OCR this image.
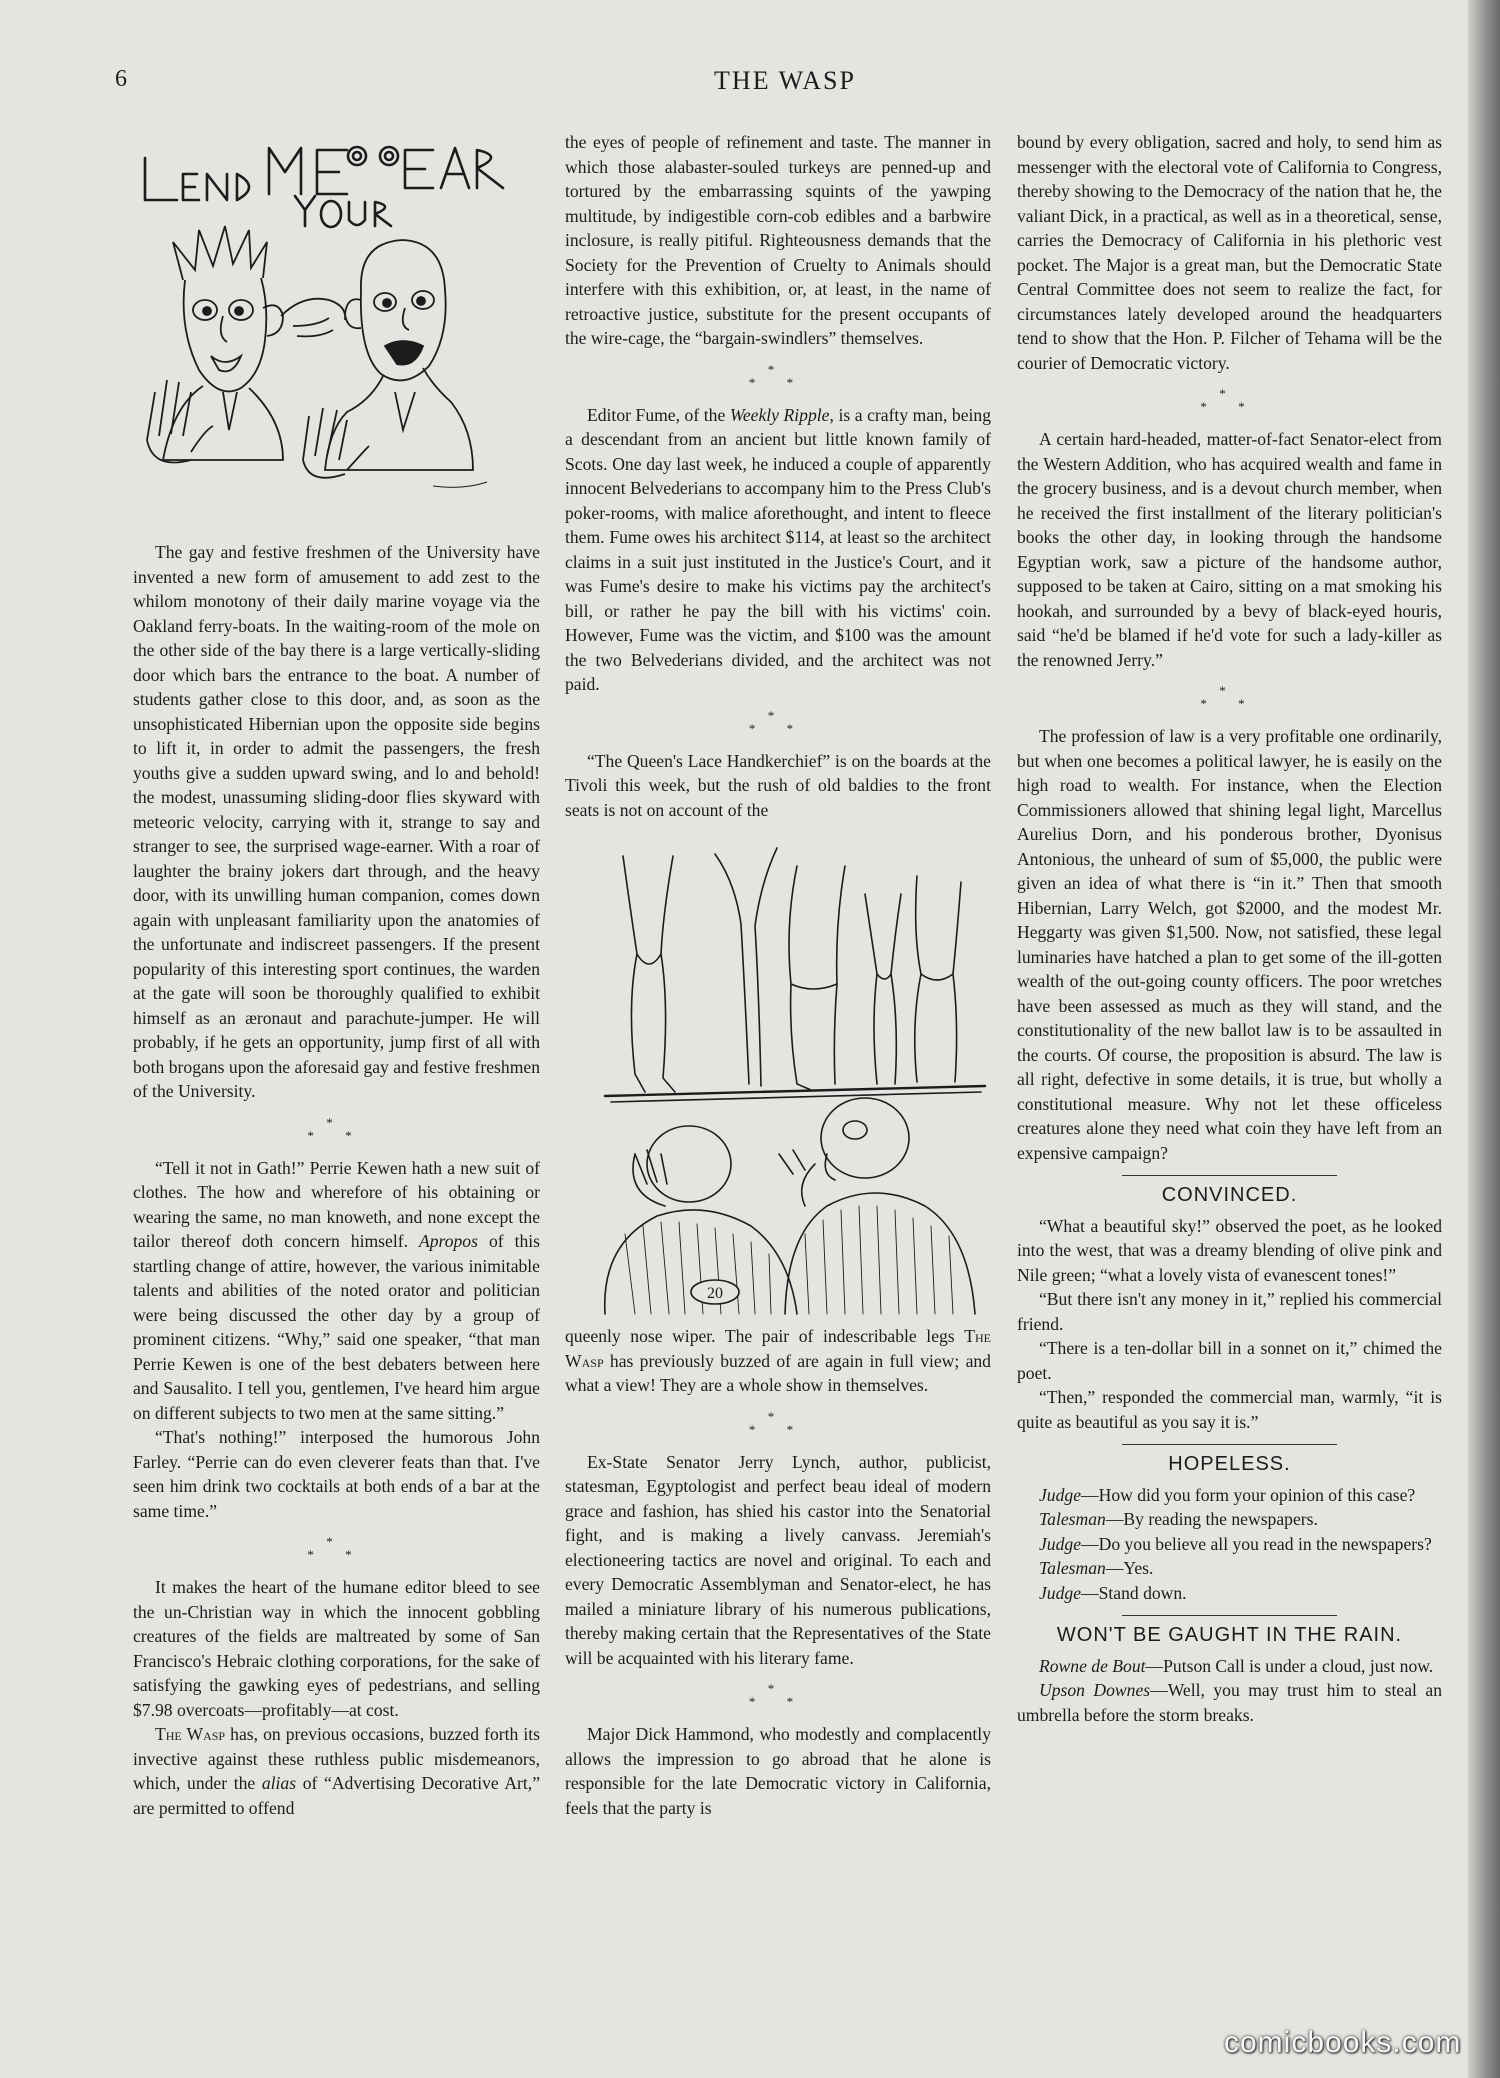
6	THE WASP

The gay and festive freshmen of the University have invented a new form of amusement to add zest to the whilom monotony of their daily marine voyage via the Oakland ferry-boats. In the waiting-room of the mole on the other side of the bay there is a large vertically-sliding door which bars the entrance to the boat. A number of students gather close to this door, and, as soon as the unsophisticated Hibernian upon the opposite side begins to lift it, in order to admit the passengers, the fresh youths give a sudden upward swing, and lo and behold! the modest, unassuming sliding-door flies skyward with meteoric velocity, carrying with it, strange to say and stranger to see, the surprised wage-earner. With a roar of laughter the brainy jokers dart through, and the heavy door, with its unwilling human companion, comes down again with unpleasant familiarity upon the anatomies of the unfortunate and indiscreet passengers. If the present popularity of this interesting sport continues, the warden at the gate will soon be thoroughly qualified to exhibit himself as an æronaut and parachute-jumper. He will probably, if he gets an opportunity, jump first of all with both brogans upon the aforesaid gay and festive freshmen of the University.

*
* *

“Tell it not in Gath!” Perrie Kewen hath a new suit of clothes. The how and wherefore of his obtaining or wearing the same, no man knoweth, and none except the tailor thereof doth concern himself. Apropos of this startling change of attire, however, the various inimitable talents and abilities of the noted orator and politician were being discussed the other day by a group of prominent citizens. “Why,” said one speaker, “that man Perrie Kewen is one of the best debaters between here and Sausalito. I tell you, gentlemen, I've heard him argue on different subjects to two men at the same sitting.”

“That's nothing!” interposed the humorous John Farley. “Perrie can do even cleverer feats than that. I've seen him drink two cocktails at both ends of a bar at the same time.”

*
* *

It makes the heart of the humane editor bleed to see the un-Christian way in which the innocent gobbling creatures of the fields are maltreated by some of San Francisco's Hebraic clothing corporations, for the sake of satisfying the gawking eyes of pedestrians, and selling $7.98 overcoats—profitably—at cost.

The Wasp has, on previous occasions, buzzed forth its invective against these ruthless public misdemeanors, which, under the alias of “Advertising Decorative Art,” are permitted to offend

the eyes of people of refinement and taste. The manner in which those alabaster-souled turkeys are penned-up and tortured by the embarrassing squints of the yawping multitude, by indigestible corn-cob edibles and a barbwire inclosure, is really pitiful. Righteousness demands that the Society for the Prevention of Cruelty to Animals should interfere with this exhibition, or, at least, in the name of retroactive justice, substitute for the present occupants of the wire-cage, the “bargain-swindlers” themselves.

*
* *

Editor Fume, of the Weekly Ripple, is a crafty man, being a descendant from an ancient but little known family of Scots. One day last week, he induced a couple of apparently innocent Belvederians to accompany him to the Press Club's poker-rooms, with malice aforethought, and intent to fleece them. Fume owes his architect $114, at least so the architect claims in a suit just instituted in the Justice's Court, and it was Fume's desire to make his victims pay the architect's bill, or rather he pay the bill with his victims' coin. However, Fume was the victim, and $100 was the amount the two Belvederians divided, and the architect was not paid.

*
* *

“The Queen's Lace Handkerchief” is on the boards at the Tivoli this week, but the rush of old baldies to the front seats is not on account of the

20

queenly nose wiper. The pair of indescribable legs The Wasp has previously buzzed of are again in full view; and what a view! They are a whole show in themselves.

*
* *

Ex-State Senator Jerry Lynch, author, publicist, statesman, Egyptologist and perfect beau ideal of modern grace and fashion, has shied his castor into the Senatorial fight, and is making a lively canvass. Jeremiah's electioneering tactics are novel and original. To each and every Democratic Assemblyman and Senator-elect, he has mailed a miniature library of his numerous publications, thereby making certain that the Representatives of the State will be acquainted with his literary fame.

*
* *

Major Dick Hammond, who modestly and complacently allows the impression to go abroad that he alone is responsible for the late Democratic victory in California, feels that the party is

bound by every obligation, sacred and holy, to send him as messenger with the electoral vote of California to Congress, thereby showing to the Democracy of the nation that he, the valiant Dick, in a practical, as well as in a theoretical, sense, carries the Democracy of California in his plethoric vest pocket. The Major is a great man, but the Democratic State Central Committee does not seem to realize the fact, for circumstances lately developed around the headquarters tend to show that the Hon. P. Filcher of Tehama will be the courier of Democratic victory.

*
* *

A certain hard-headed, matter-of-fact Senator-elect from the Western Addition, who has acquired wealth and fame in the grocery business, and is a devout church member, when he received the first installment of the literary politician's books the other day, in looking through the handsome Egyptian work, saw a picture of the handsome author, supposed to be taken at Cairo, sitting on a mat smoking his hookah, and surrounded by a bevy of black-eyed houris, said “he'd be blamed if he'd vote for such a lady-killer as the renowned Jerry.”

*
* *

The profession of law is a very profitable one ordinarily, but when one becomes a political lawyer, he is easily on the high road to wealth. For instance, when the Election Commissioners allowed that shining legal light, Marcellus Aurelius Dorn, and his ponderous brother, Dyonisus Antonious, the unheard of sum of $5,000, the public were given an idea of what there is “in it.” Then that smooth Hibernian, Larry Welch, got $2000, and the modest Mr. Heggarty was given $1,500. Now, not satisfied, these legal luminaries have hatched a plan to get some of the ill-gotten wealth of the out-going county officers. The poor wretches have been assessed as much as they will stand, and the constitutionality of the new ballot law is to be assaulted in the courts. Of course, the proposition is absurd. The law is all right, defective in some details, it is true, but wholly a constitutional measure. Why not let these officeless creatures alone they need what coin they have left from an expensive campaign?

CONVINCED.

“What a beautiful sky!” observed the poet, as he looked into the west, that was a dreamy blending of olive pink and Nile green; “what a lovely vista of evanescent tones!”

“But there isn't any money in it,” replied his commercial friend.

“There is a ten-dollar bill in a sonnet on it,” chimed the poet.

“Then,” responded the commercial man, warmly, “it is quite as beautiful as you say it is.”

HOPELESS.

Judge—How did you form your opinion of this case?

Talesman—By reading the newspapers.

Judge—Do you believe all you read in the newspapers?

Talesman—Yes.

Judge—Stand down.

WON'T BE GAUGHT IN THE RAIN.

Rowne de Bout—Putson Call is under a cloud, just now.

Upson Downes—Well, you may trust him to steal an umbrella before the storm breaks.

comicbooks.com
